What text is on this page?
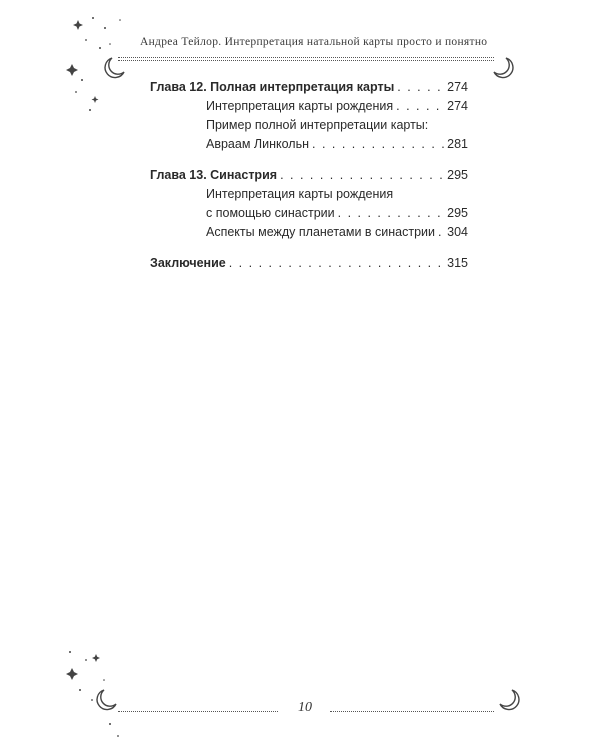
Андреа Тейлор. Интерпретация натальной карты просто и понятно
Глава 12. Полная интерпретация карты . . .	274
Интерпретация карты рождения . . .	274
Пример полной интерпретации карты:
Авраам Линкольн . . .	281
Глава 13. Синастрия . . .	295
Интерпретация карты рождения
с помощью синастрии . . .	295
Аспекты между планетами в синастрии . . . 304
Заключение . . .	315
10
